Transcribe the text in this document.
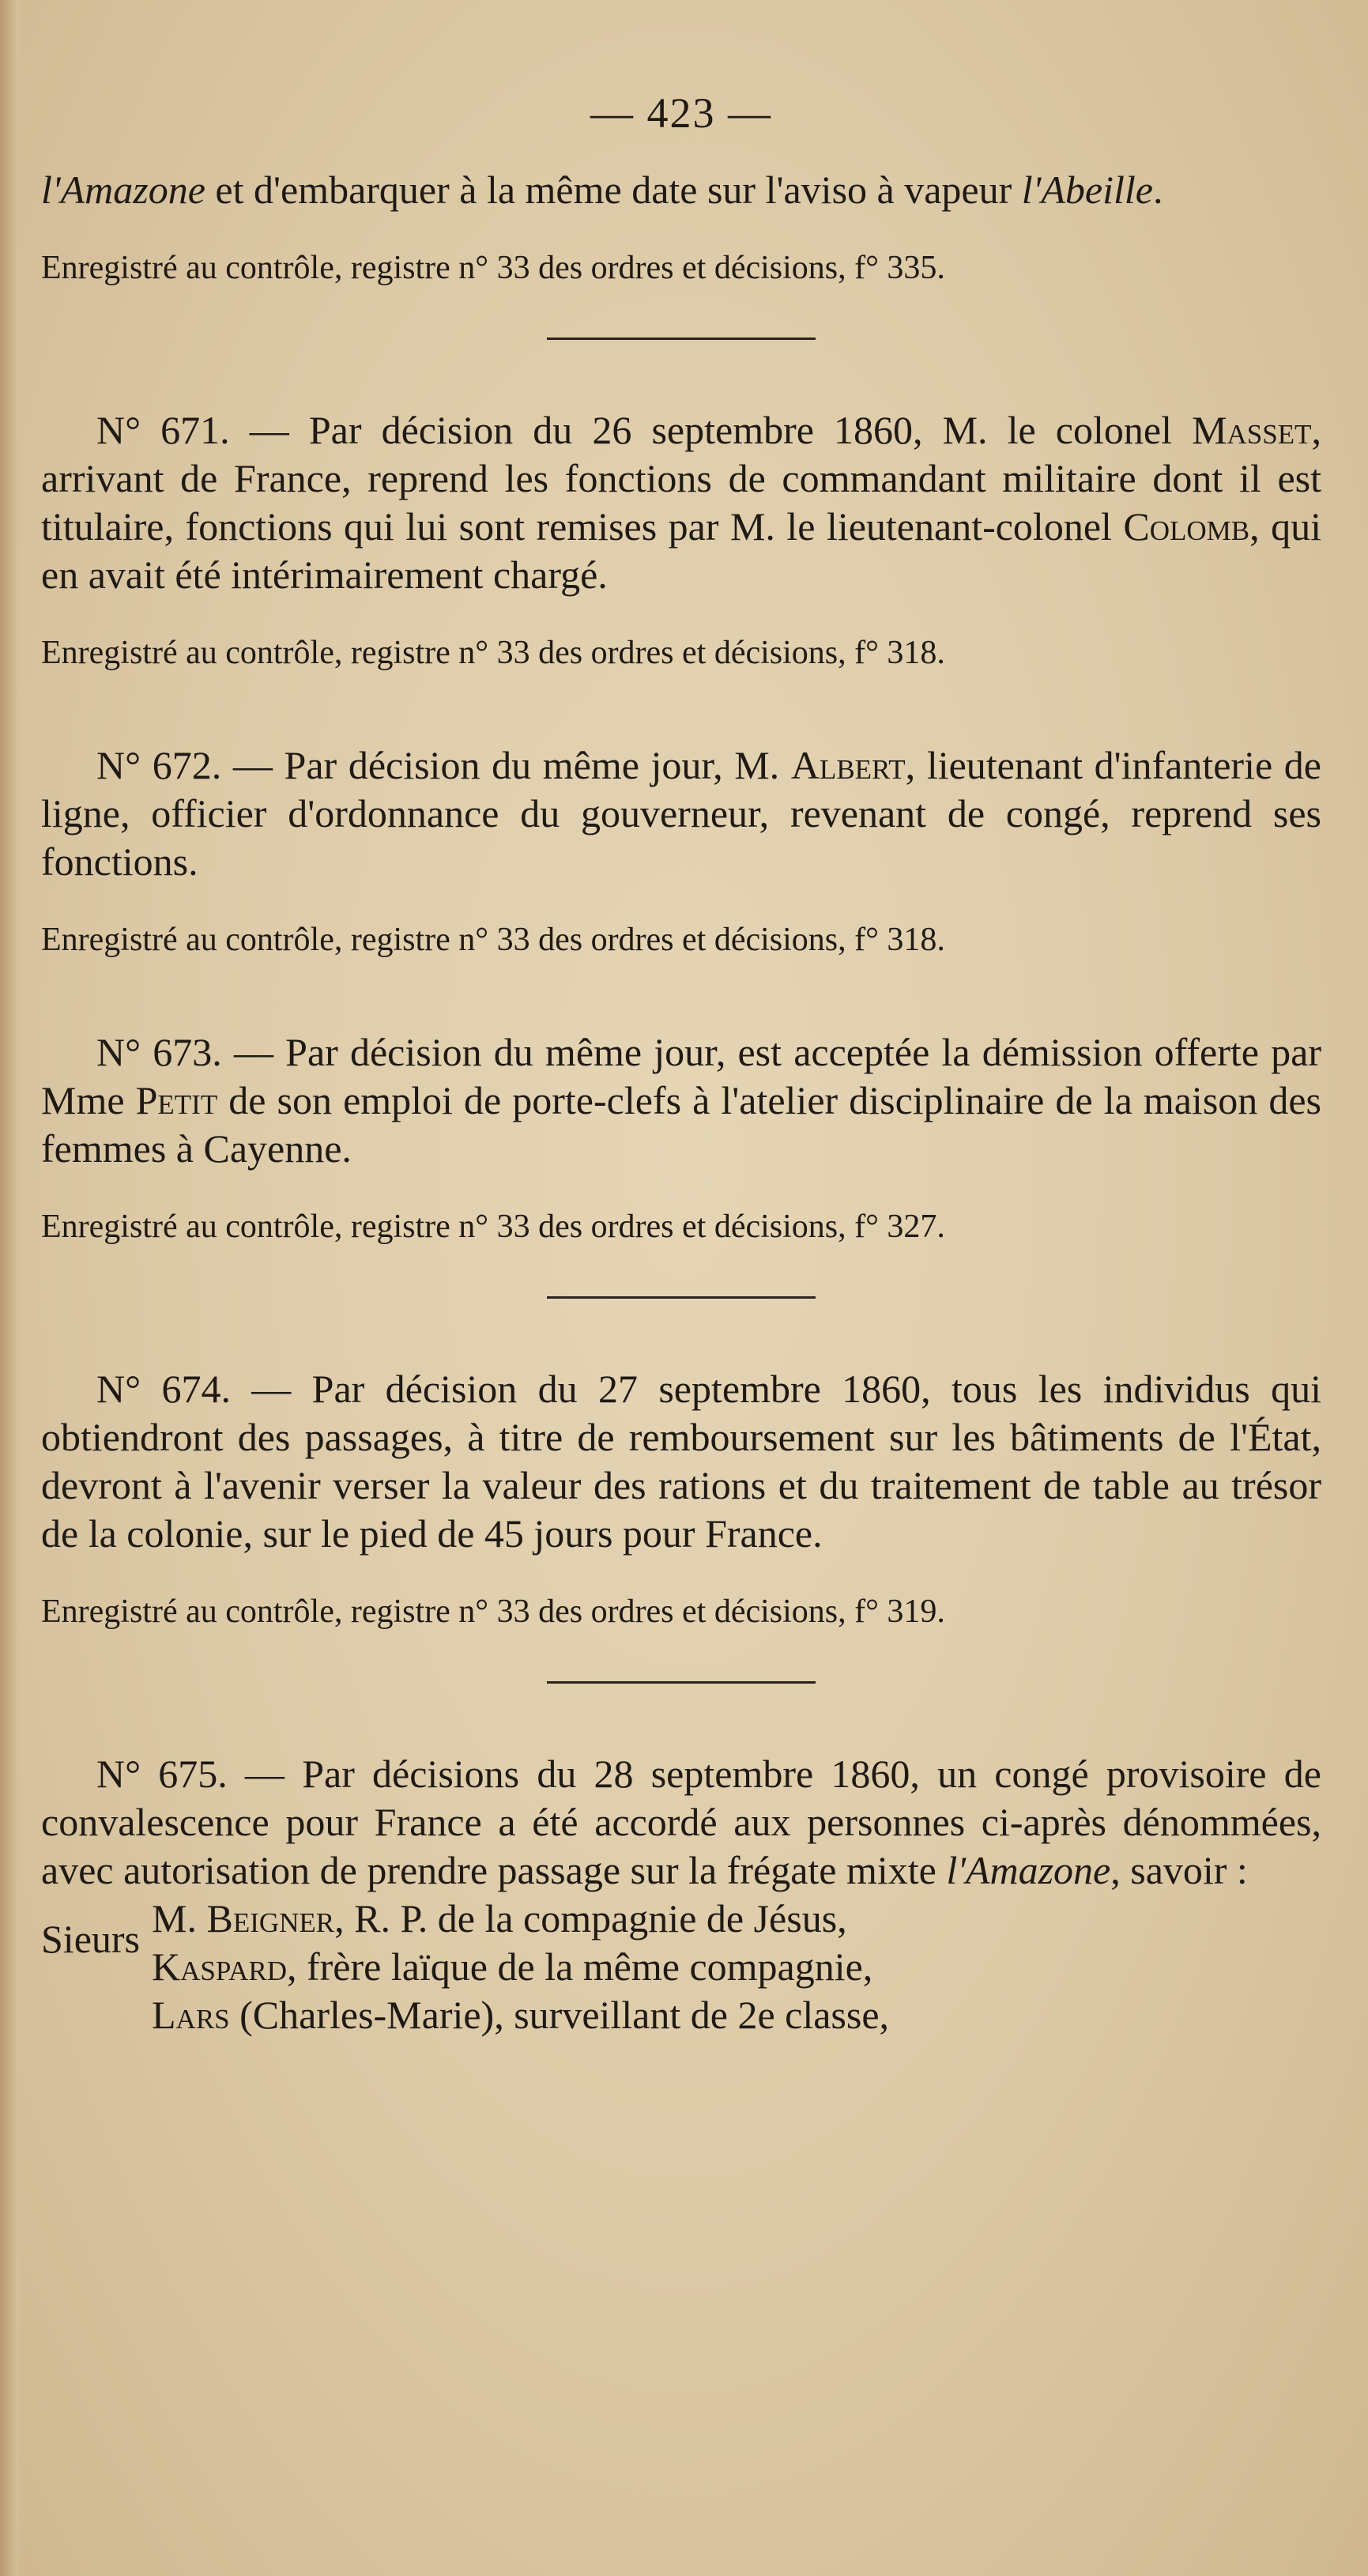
— 423 —

l'Amazone et d'embarquer à la même date sur l'aviso à vapeur l'Abeille.

Enregistré au contrôle, registre n° 33 des ordres et décisions, f° 335.

N° 671. — Par décision du 26 septembre 1860, M. le colonel Masset, arrivant de France, reprend les fonctions de commandant militaire dont il est titulaire, fonctions qui lui sont remises par M. le lieutenant-colonel Colomb, qui en avait été intérimairement chargé.

Enregistré au contrôle, registre n° 33 des ordres et décisions, f° 318.

N° 672. — Par décision du même jour, M. Albert, lieutenant d'infanterie de ligne, officier d'ordonnance du gouverneur, revenant de congé, reprend ses fonctions.

Enregistré au contrôle, registre n° 33 des ordres et décisions, f° 318.

N° 673. — Par décision du même jour, est acceptée la démission offerte par Mme Petit de son emploi de porte-clefs à l'atelier disciplinaire de la maison des femmes à Cayenne.

Enregistré au contrôle, registre n° 33 des ordres et décisions, f° 327.

N° 674. — Par décision du 27 septembre 1860, tous les individus qui obtiendront des passages, à titre de remboursement sur les bâtiments de l'État, devront à l'avenir verser la valeur des rations et du traitement de table au trésor de la colonie, sur le pied de 45 jours pour France.

Enregistré au contrôle, registre n° 33 des ordres et décisions, f° 319.

N° 675. — Par décisions du 28 septembre 1860, un congé provisoire de convalescence pour France a été accordé aux personnes ci-après dénommées, avec autorisation de prendre passage sur la frégate mixte l'Amazone, savoir :

Sieurs M. Beigner, R. P. de la compagnie de Jésus,

Kaspard, frère laïque de la même compagnie,

Lars (Charles-Marie), surveillant de 2e classe,
